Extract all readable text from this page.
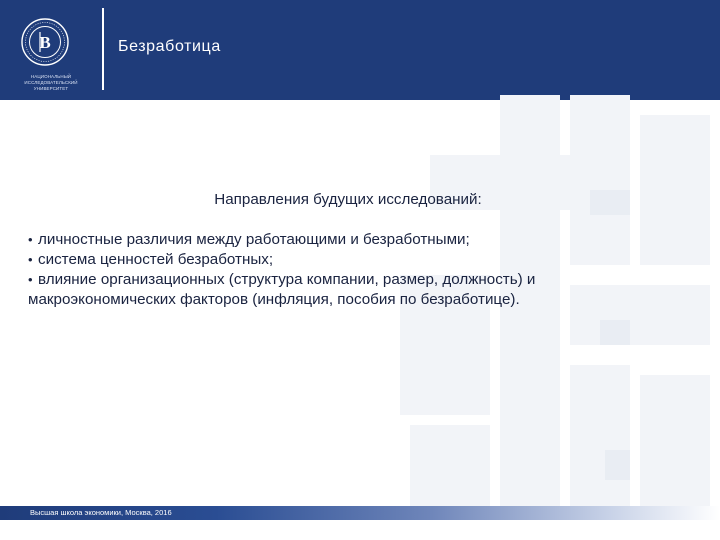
В
НАЦИОНАЛЬНЫЙ ИССЛЕДОВАТЕЛЬСКИЙ УНИВЕРСИТЕТ
Безработица
Направления будущих исследований:
• личностные различия между работающими и безработными;
• система ценностей безработных;
• влияние организационных (структура компании, размер, должность) и
макроэкономических факторов (инфляция, пособия по безработице).
Высшая школа экономики, Москва, 2016
